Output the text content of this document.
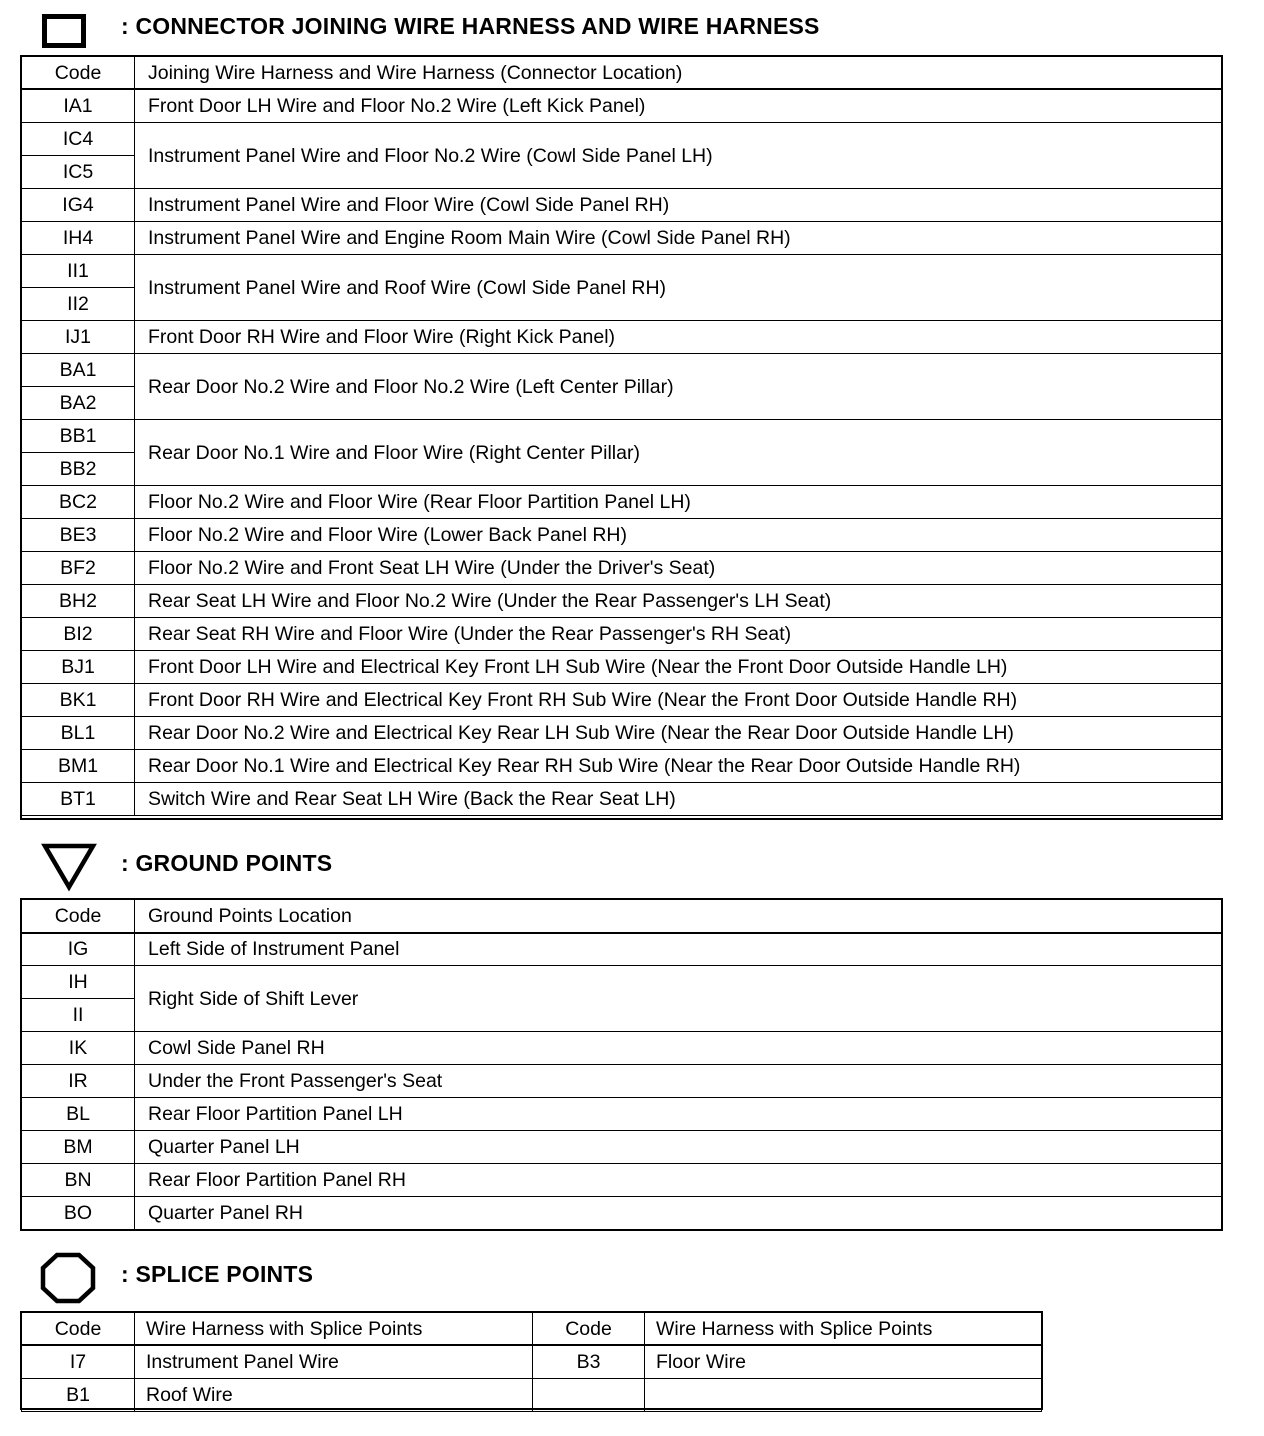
: CONNECTOR JOINING WIRE HARNESS AND WIRE HARNESS
Code	Joining Wire Harness and Wire Harness (Connector Location)
IA1	Front Door LH Wire and Floor No.2 Wire (Left Kick Panel)
IC4	Instrument Panel Wire and Floor No.2 Wire (Cowl Side Panel LH)
IC5	
IG4	Instrument Panel Wire and Floor Wire (Cowl Side Panel RH)
IH4	Instrument Panel Wire and Engine Room Main Wire (Cowl Side Panel RH)
II1	Instrument Panel Wire and Roof Wire (Cowl Side Panel RH)
II2	
IJ1	Front Door RH Wire and Floor Wire (Right Kick Panel)
BA1	Rear Door No.2 Wire and Floor No.2 Wire (Left Center Pillar)
BA2	
BB1	Rear Door No.1 Wire and Floor Wire (Right Center Pillar)
BB2	
BC2	Floor No.2 Wire and Floor Wire (Rear Floor Partition Panel LH)
BE3	Floor No.2 Wire and Floor Wire (Lower Back Panel RH)
BF2	Floor No.2 Wire and Front Seat LH Wire (Under the Driver's Seat)
BH2	Rear Seat LH Wire and Floor No.2 Wire (Under the Rear Passenger's LH Seat)
BI2	Rear Seat RH Wire and Floor Wire (Under the Rear Passenger's RH Seat)
BJ1	Front Door LH Wire and Electrical Key Front LH Sub Wire (Near the Front Door Outside Handle LH)
BK1	Front Door RH Wire and Electrical Key Front RH Sub Wire (Near the Front Door Outside Handle RH)
BL1	Rear Door No.2 Wire and Electrical Key Rear LH Sub Wire (Near the Rear Door Outside Handle LH)
BM1	Rear Door No.1 Wire and Electrical Key Rear RH Sub Wire (Near the Rear Door Outside Handle RH)
BT1	Switch Wire and Rear Seat LH Wire (Back the Rear Seat LH)
: GROUND POINTS
Code	Ground Points Location
IG	Left Side of Instrument Panel
IH	Right Side of Shift Lever
II	
IK	Cowl Side Panel RH
IR	Under the Front Passenger's Seat
BL	Rear Floor Partition Panel LH
BM	Quarter Panel LH
BN	Rear Floor Partition Panel RH
BO	Quarter Panel RH
: SPLICE POINTS
Code	Wire Harness with Splice Points	Code	Wire Harness with Splice Points
I7	Instrument Panel Wire	B3	Floor Wire
B1	Roof Wire		
